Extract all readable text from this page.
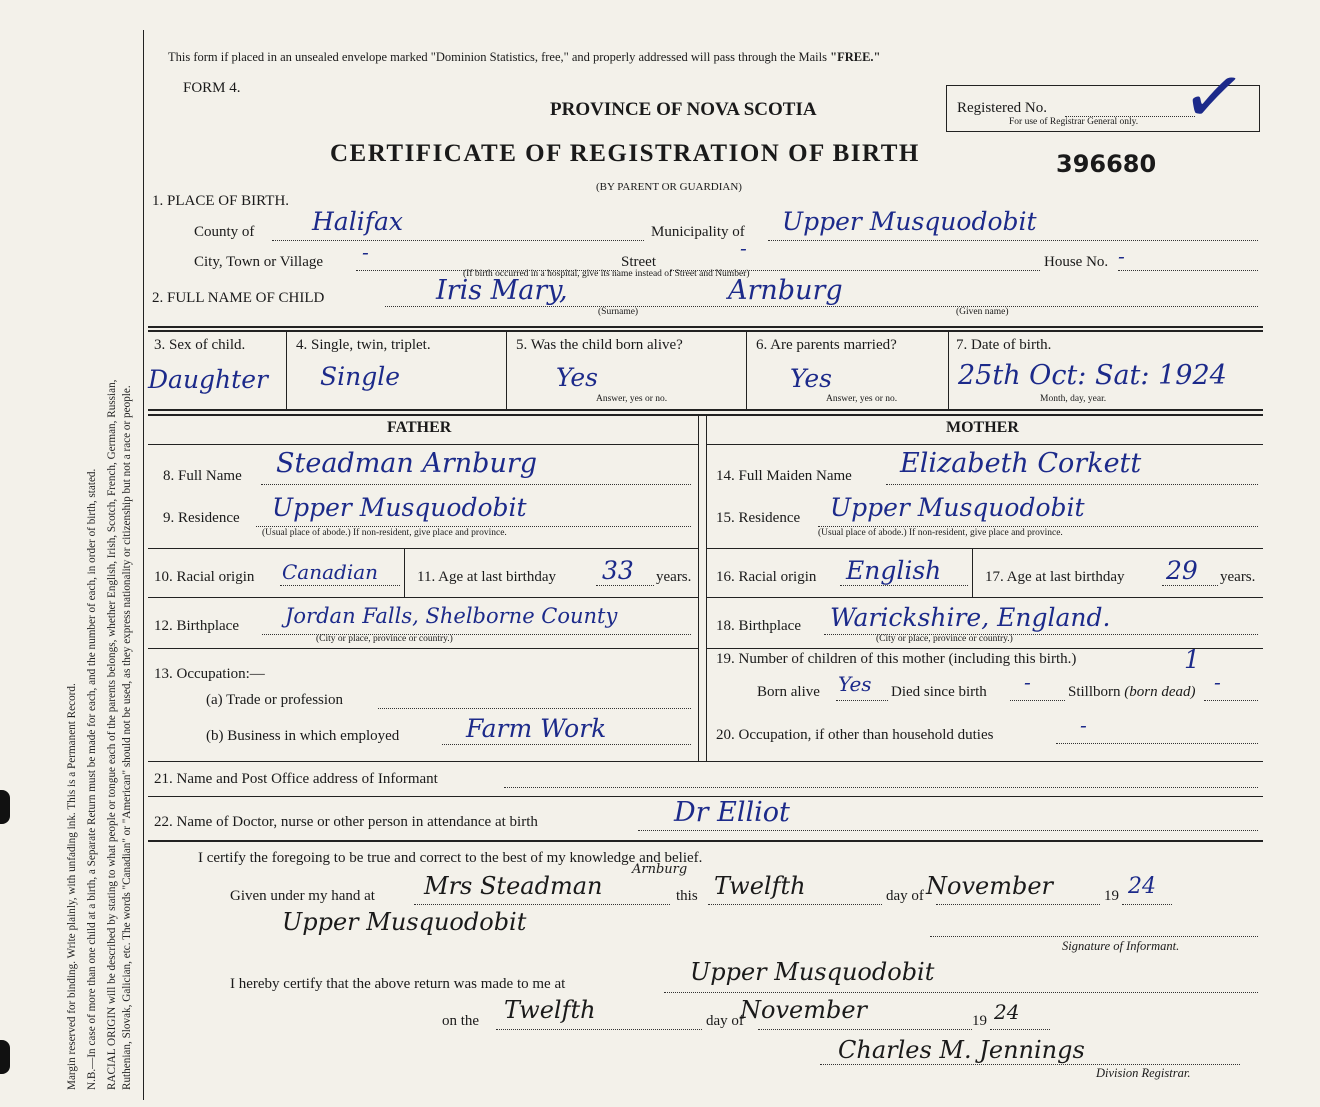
Margin reserved for binding. Write plainly, with unfading ink. This is a Permanent Record. N.B.—In case of more than one child at a birth, a Separate Return must be made for each, and the number of each, in order of birth, stated. RACIAL ORIGIN will be described by stating to what people or tongue each of the parents belongs, whether English, Irish, Scotch, French, German, Russian, Ruthenian, Slovak, Galician, etc. The words "Canadian" or "American" should not be used, as they express nationality or citizenship but not a race or people.
This form if placed in an unsealed envelope marked "Dominion Statistics, free," and properly addressed will pass through the Mails "FREE."
FORM 4.
PROVINCE OF NOVA SCOTIA	Registered No.
For use of Registrar General only. ✓
CERTIFICATE OF REGISTRATION OF BIRTH	396680
(BY PARENT OR GUARDIAN)
1. PLACE OF BIRTH.
County of Halifax	Municipality of Upper Musquodobit
City, Town or Village -	Street
-
House No. -
(If birth occurred in a hospital, give its name instead of Street and Number)
2. FULL NAME OF CHILD	Iris Mary,	Arnburg
(Surname)	(Given name)
3. Sex of child.
Daughter
4. Single, twin, triplet.
Single
5. Was the child born alive?
Yes
Answer, yes or no.
6. Are parents married?
Yes
Answer, yes or no.
7. Date of birth.
25th Oct: Sat: 1924
Month, day, year.
FATHER	MOTHER
8. Full Name Steadman Arnburg
9. Residence Upper Musquodobit
(Usual place of abode.) If non-resident, give place and province.
10. Racial origin Canadian	11. Age at last birthday 33 years.
12. Birthplace Jordan Falls, Shelborne County
(City or place, province or country.)
13. Occupation:—
(a) Trade or profession
(b) Business in which employed	Farm Work
14. Full Maiden Name Elizabeth Corkett
15. Residence Upper Musquodobit
(Usual place of abode.) If non-resident, give place and province.
16. Racial origin English	17. Age at last birthday 29 years.
18. Birthplace Warickshire, England.
(City or place, province or country.)
19. Number of children of this mother (including this birth.)	1
Born alive Yes Died since birth - Stillborn (born dead) -
20. Occupation, if other than household duties	-
21. Name and Post Office address of Informant
22. Name of Doctor, nurse or other person in attendance at birth	Dr Elliot
I certify the foregoing to be true and correct to the best of my knowledge and belief.
Given under my hand at Mrs Steadman
Arnburg
this Twelfth	day of November	19 24
Upper Musquodobit
Signature of Informant.
I hereby certify that the above return was made to me at	Upper Musquodobit
on the Twelfth	day of
November	19 24
Charles M. Jennings
Division Registrar.
